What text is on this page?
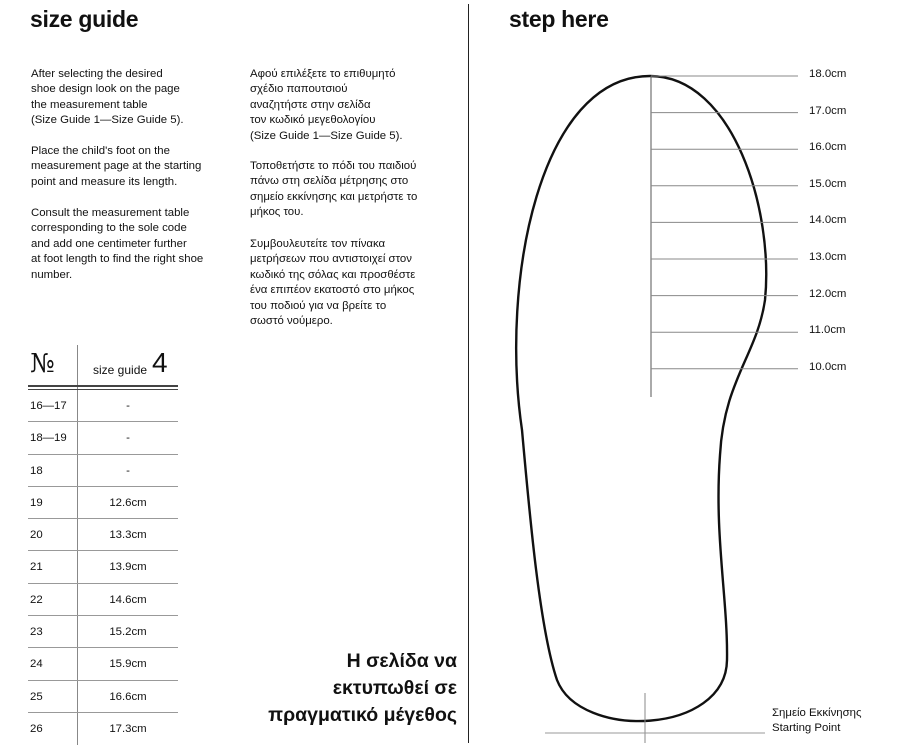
size guide
After selecting the desired
shoe design look on the page
the measurement table
(Size Guide 1—Size Guide 5).
Place the child's foot on the
measurement page at the starting
point and measure its length.
Consult the measurement table
corresponding to the sole code
and add one centimeter further
at foot length to find the right shoe
number.
Αφού επιλέξετε το επιθυμητό
σχέδιο παπουτσιού
αναζητήστε στην σελίδα
τον κωδικό μεγεθολογίου
(Size Guide 1—Size Guide 5).
Τοποθετήστε το πόδι του παιδιού
πάνω στη σελίδα μέτρησης στο
σημείο εκκίνησης και μετρήστε το
μήκος του.
Συμβουλευτείτε τον πίνακα
μετρήσεων που αντιστοιχεί στον
κωδικό της σόλας και προσθέστε
ένα επιπέον εκατοστό στο μήκος
του ποδιού για να βρείτε το
σωστό νούμερο.
№	size guide 4
16—17	-
18—19	-
18	-
19	12.6cm
20	13.3cm
21	13.9cm
22	14.6cm
23	15.2cm
24	15.9cm
25	16.6cm
26	17.3cm
Η σελίδα να
εκτυπωθεί σε
πραγματικό μέγεθος
step here
18.0cm
17.0cm
16.0cm
15.0cm
14.0cm
13.0cm
12.0cm
11.0cm
10.0cm
Σημείο Εκκίνησης
Starting Point
